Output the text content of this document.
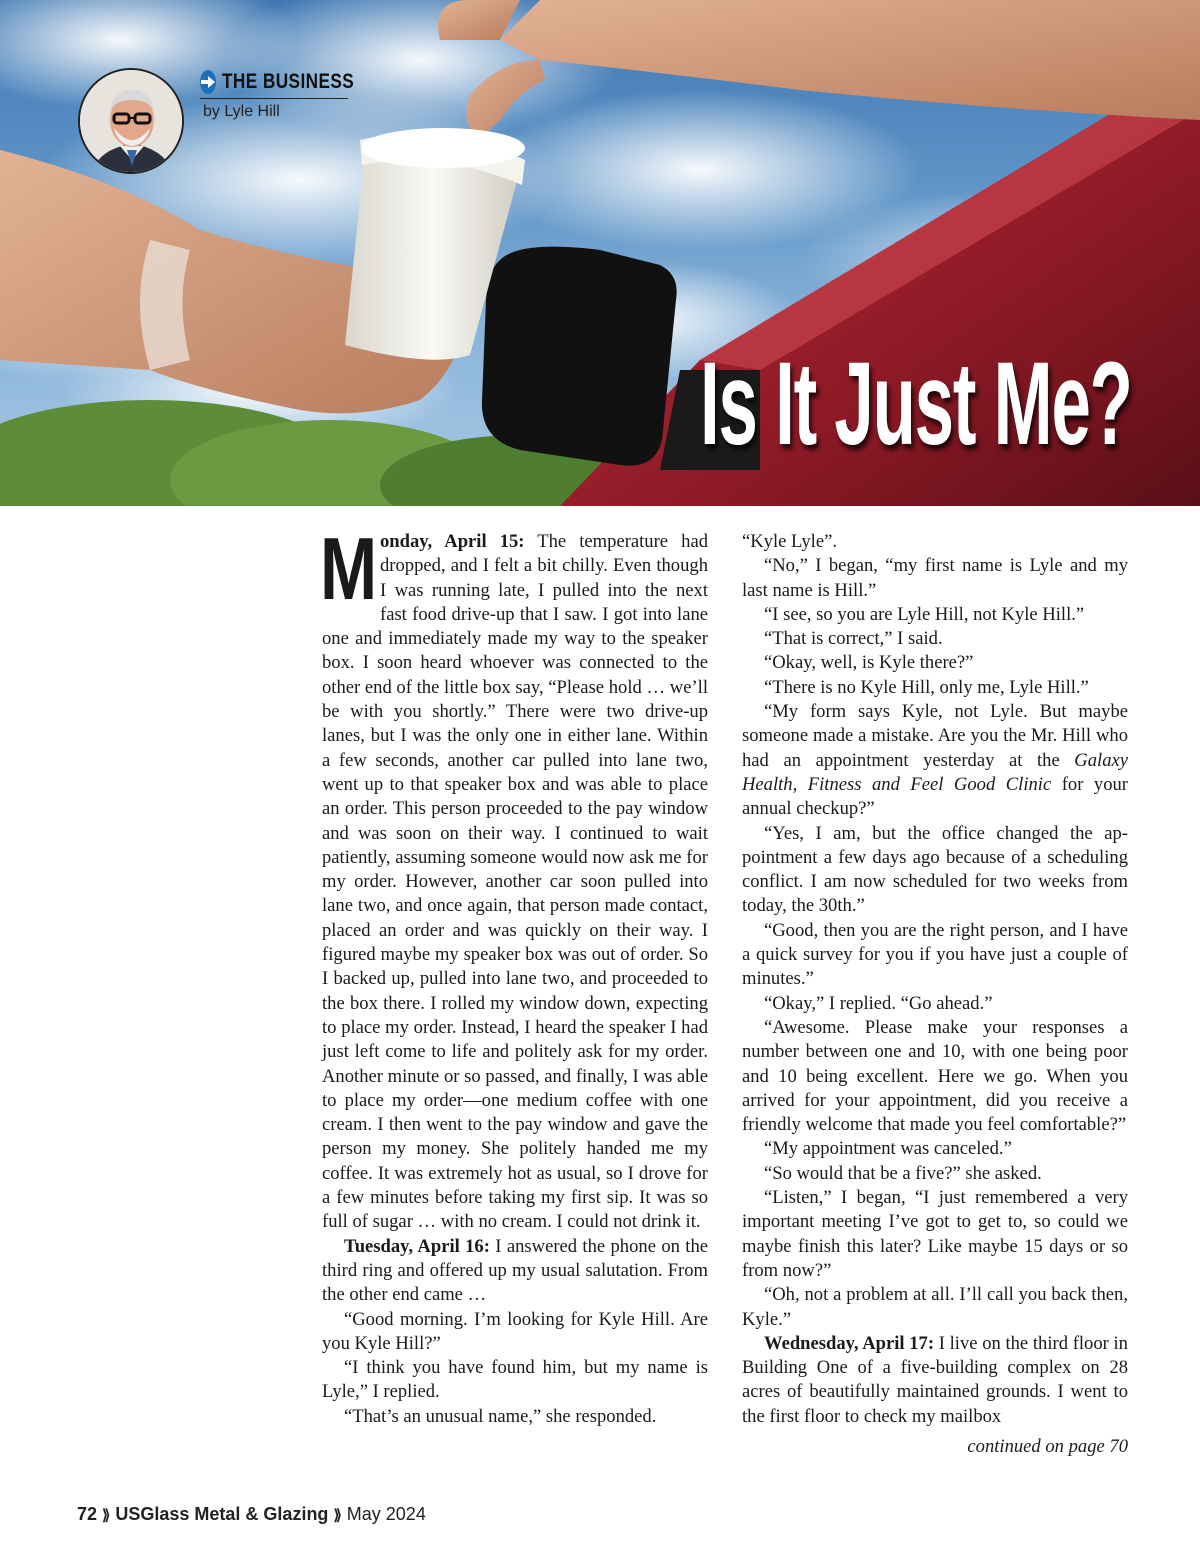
THE BUSINESS
by Lyle Hill
Is It Just Me?

Monday, April 15: The temperature had dropped, and I felt a bit chilly. Even though I was running late, I pulled into the next fast food drive-up that I saw. I got into lane one and immediately made my way to the speaker box. I soon heard whoever was connected to the other end of the little box say, “Please hold … we’ll be with you shortly.” There were two drive-up lanes, but I was the only one in either lane. Within a few seconds, another car pulled into lane two, went up to that speaker box and was able to place an order. This person proceeded to the pay window and was soon on their way. I continued to wait patiently, assuming someone would now ask me for my order. However, another car soon pulled into lane two, and once again, that person made contact, placed an order and was quickly on their way. I figured maybe my speaker box was out of order. So I backed up, pulled into lane two, and proceeded to the box there. I rolled my window down, expecting to place my order. Instead, I heard the speaker I had just left come to life and politely ask for my order. Another minute or so passed, and finally, I was able to place my order—one medium coffee with one cream. I then went to the pay window and gave the person my money. She politely handed me my coffee. It was extremely hot as usual, so I drove for a few minutes before taking my first sip. It was so full of sugar … with no cream. I could not drink it.

Tuesday, April 16: I answered the phone on the third ring and offered up my usual salutation. From the other end came …

“Good morning. I’m looking for Kyle Hill. Are you Kyle Hill?”

“I think you have found him, but my name is Lyle,” I replied.

“That’s an unusual name,” she responded.

“Kyle Lyle”.

“No,” I began, “my first name is Lyle and my last name is Hill.”

“I see, so you are Lyle Hill, not Kyle Hill.”

“That is correct,” I said.

“Okay, well, is Kyle there?”

“There is no Kyle Hill, only me, Lyle Hill.”

“My form says Kyle, not Lyle. But maybe someone made a mistake. Are you the Mr. Hill who had an appointment yesterday at the Galaxy Health, Fitness and Feel Good Clinic for your annual checkup?”

“Yes, I am, but the office changed the appointment a few days ago because of a scheduling conflict. I am now scheduled for two weeks from today, the 30th.”

“Good, then you are the right person, and I have a quick survey for you if you have just a couple of minutes.”

“Okay,” I replied. “Go ahead.”

“Awesome. Please make your responses a number between one and 10, with one being poor and 10 being excellent. Here we go. When you arrived for your appointment, did you receive a friendly welcome that made you feel comfortable?”

“My appointment was canceled.”

“So would that be a five?” she asked.

“Listen,” I began, “I just remembered a very important meeting I’ve got to get to, so could we maybe finish this later? Like maybe 15 days or so from now?”

“Oh, not a problem at all. I’ll call you back then, Kyle.”

Wednesday, April 17: I live on the third floor in Building One of a five-building complex on 28 acres of beautifully maintained grounds. I went to the first floor to check my mailbox

continued on page 70
72 ⟫ USGlass Metal & Glazing ⟫ May 2024
